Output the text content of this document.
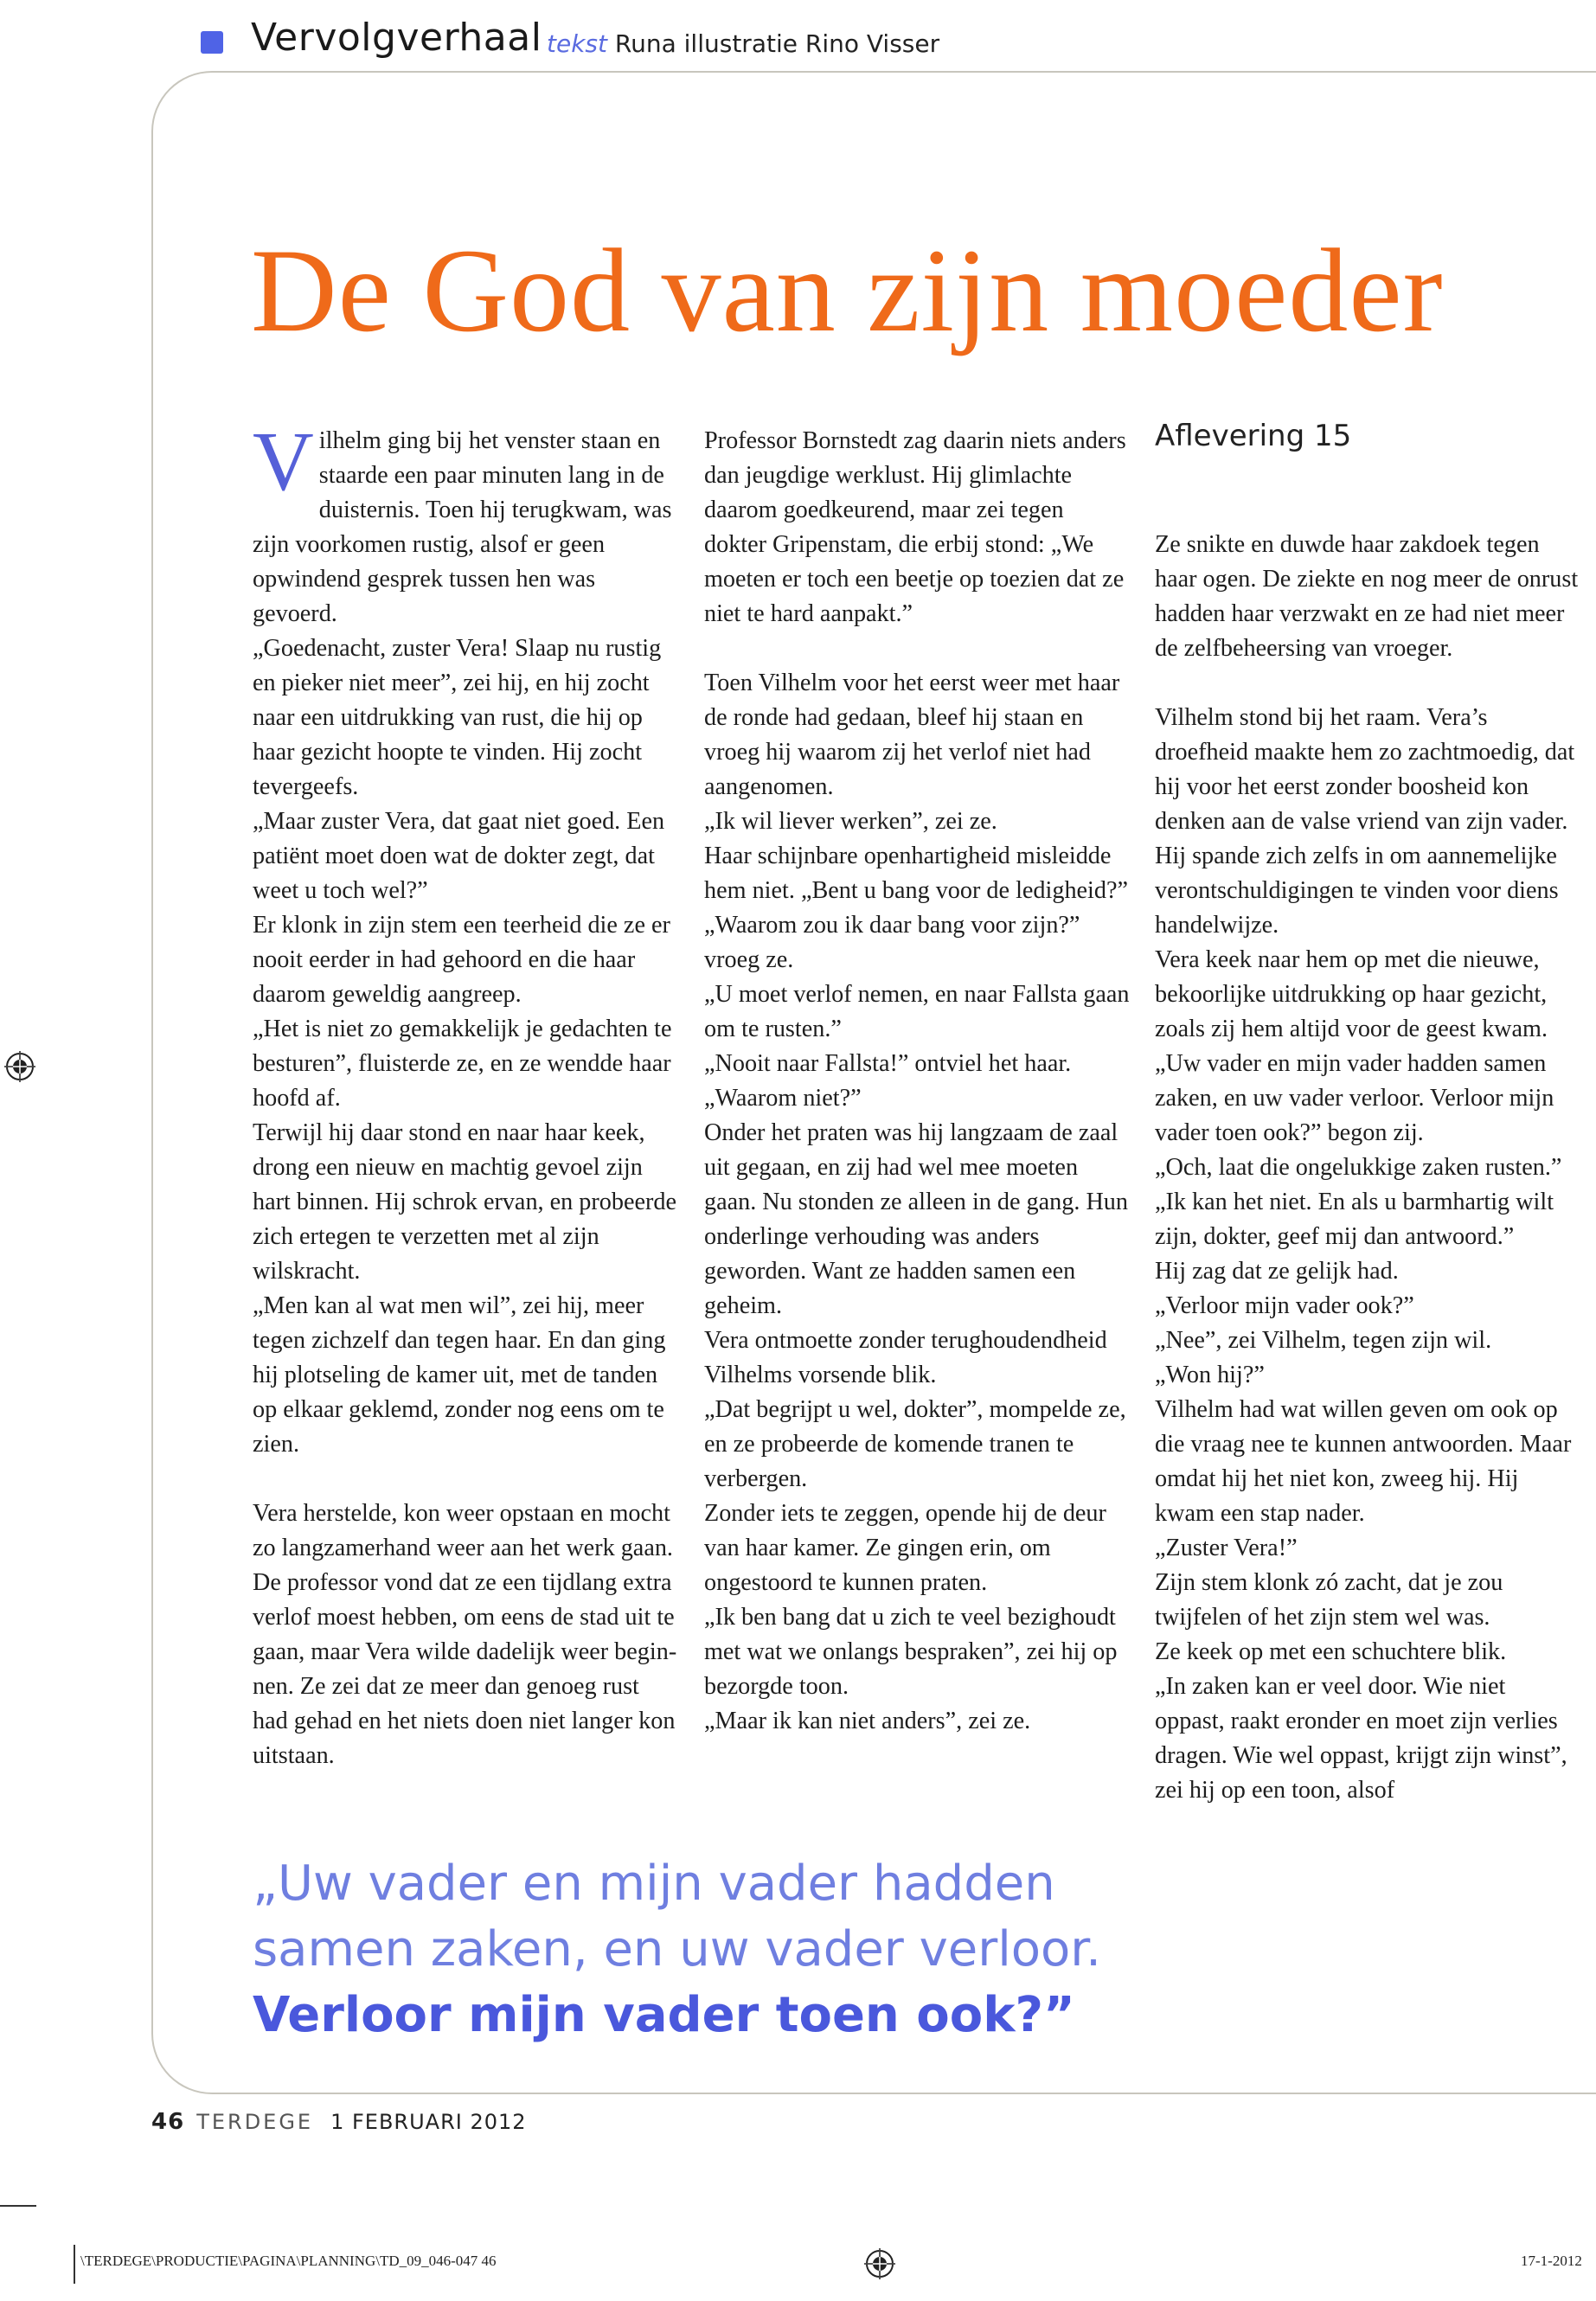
Vervolgverhaal tekst Runa illustratie Rino Visser
De God van zijn moeder

Vilhelm ging bij het venster staan en staarde een paar minuten lang in de duisternis. Toen hij terugkwam, was zijn voorkomen rustig, alsof er geen opwindend gesprek tussen hen was gevoerd.

„Goedenacht, zuster Vera! Slaap nu rustig en pieker niet meer”, zei hij, en hij zocht naar een uitdrukking van rust, die hij op haar gezicht hoopte te vinden. Hij zocht tevergeefs.

„Maar zuster Vera, dat gaat niet goed. Een patiënt moet doen wat de dokter zegt, dat weet u toch wel?”

Er klonk in zijn stem een teerheid die ze er nooit eerder in had gehoord en die haar daarom geweldig aangreep.

„Het is niet zo gemakkelijk je gedachten te besturen”, fluisterde ze, en ze wendde haar hoofd af.

Terwijl hij daar stond en naar haar keek, drong een nieuw en machtig gevoel zijn hart binnen. Hij schrok ervan, en probeerde zich ertegen te verzetten met al zijn wilskracht.

„Men kan al wat men wil”, zei hij, meer tegen zichzelf dan tegen haar. En dan ging hij plotseling de kamer uit, met de tanden op elkaar geklemd, zonder nog eens om te zien.

Vera herstelde, kon weer opstaan en mocht zo langzamerhand weer aan het werk gaan. De professor vond dat ze een tijdlang extra verlof moest hebben, om eens de stad uit te gaan, maar Vera wilde dadelijk weer beginnen. Ze zei dat ze meer dan genoeg rust had gehad en het niets doen niet langer kon uitstaan.

Professor Bornstedt zag daarin niets anders dan jeugdige werklust. Hij glimlachte daarom goedkeurend, maar zei tegen dokter Gripenstam, die erbij stond: „We moeten er toch een beetje op toezien dat ze niet te hard aanpakt.”

Toen Vilhelm voor het eerst weer met haar de ronde had gedaan, bleef hij staan en vroeg hij waarom zij het verlof niet had aangenomen.

„Ik wil liever werken”, zei ze.

Haar schijnbare openhartigheid misleidde hem niet. „Bent u bang voor de ledigheid?”

„Waarom zou ik daar bang voor zijn?” vroeg ze.

„U moet verlof nemen, en naar Fallsta gaan om te rusten.”

„Nooit naar Fallsta!” ontviel het haar.

„Waarom niet?”

Onder het praten was hij langzaam de zaal uit gegaan, en zij had wel mee moeten gaan. Nu stonden ze alleen in de gang. Hun onderlinge verhouding was anders geworden. Want ze hadden samen een geheim.

Vera ontmoette zonder terughoudendheid Vilhelms vorsende blik.

„Dat begrijpt u wel, dokter”, mompelde ze, en ze probeerde de komende tranen te verbergen.

Zonder iets te zeggen, opende hij de deur van haar kamer. Ze gingen erin, om ongestoord te kunnen praten.

„Ik ben bang dat u zich te veel bezighoudt met wat we onlangs bespraken”, zei hij op bezorgde toon.

„Maar ik kan niet anders”, zei ze.

Aflevering 15

Ze snikte en duwde haar zakdoek tegen haar ogen. De ziekte en nog meer de onrust hadden haar verzwakt en ze had niet meer de zelfbeheersing van vroeger.

Vilhelm stond bij het raam. Vera’s droefheid maakte hem zo zachtmoedig, dat hij voor het eerst zonder boosheid kon denken aan de valse vriend van zijn vader. Hij spande zich zelfs in om aannemelijke verontschuldigingen te vinden voor diens handelwijze.

Vera keek naar hem op met die nieuwe, bekoorlijke uitdrukking op haar gezicht, zoals zij hem altijd voor de geest kwam.

„Uw vader en mijn vader hadden samen zaken, en uw vader verloor. Verloor mijn vader toen ook?” begon zij.

„Och, laat die ongelukkige zaken rusten.”

„Ik kan het niet. En als u barmhartig wilt zijn, dokter, geef mij dan antwoord.”

Hij zag dat ze gelijk had.

„Verloor mijn vader ook?”

„Nee”, zei Vilhelm, tegen zijn wil.

„Won hij?”

Vilhelm had wat willen geven om ook op die vraag nee te kunnen antwoorden. Maar omdat hij het niet kon, zweeg hij. Hij kwam een stap nader.

„Zuster Vera!”

Zijn stem klonk zó zacht, dat je zou twijfelen of het zijn stem wel was.

Ze keek op met een schuchtere blik.

„In zaken kan er veel door. Wie niet oppast, raakt eronder en moet zijn verlies dragen. Wie wel oppast, krijgt zijn winst”, zei hij op een toon, alsof

„Uw vader en mijn vader hadden
samen zaken, en uw vader verloor.
Verloor mijn vader toen ook?”
46 TERDEGE 1 FEBRUARI 2012
\TERDEGE\PRODUCTIE\PAGINA\PLANNING\TD_09_046-047 46	17-1-2012
